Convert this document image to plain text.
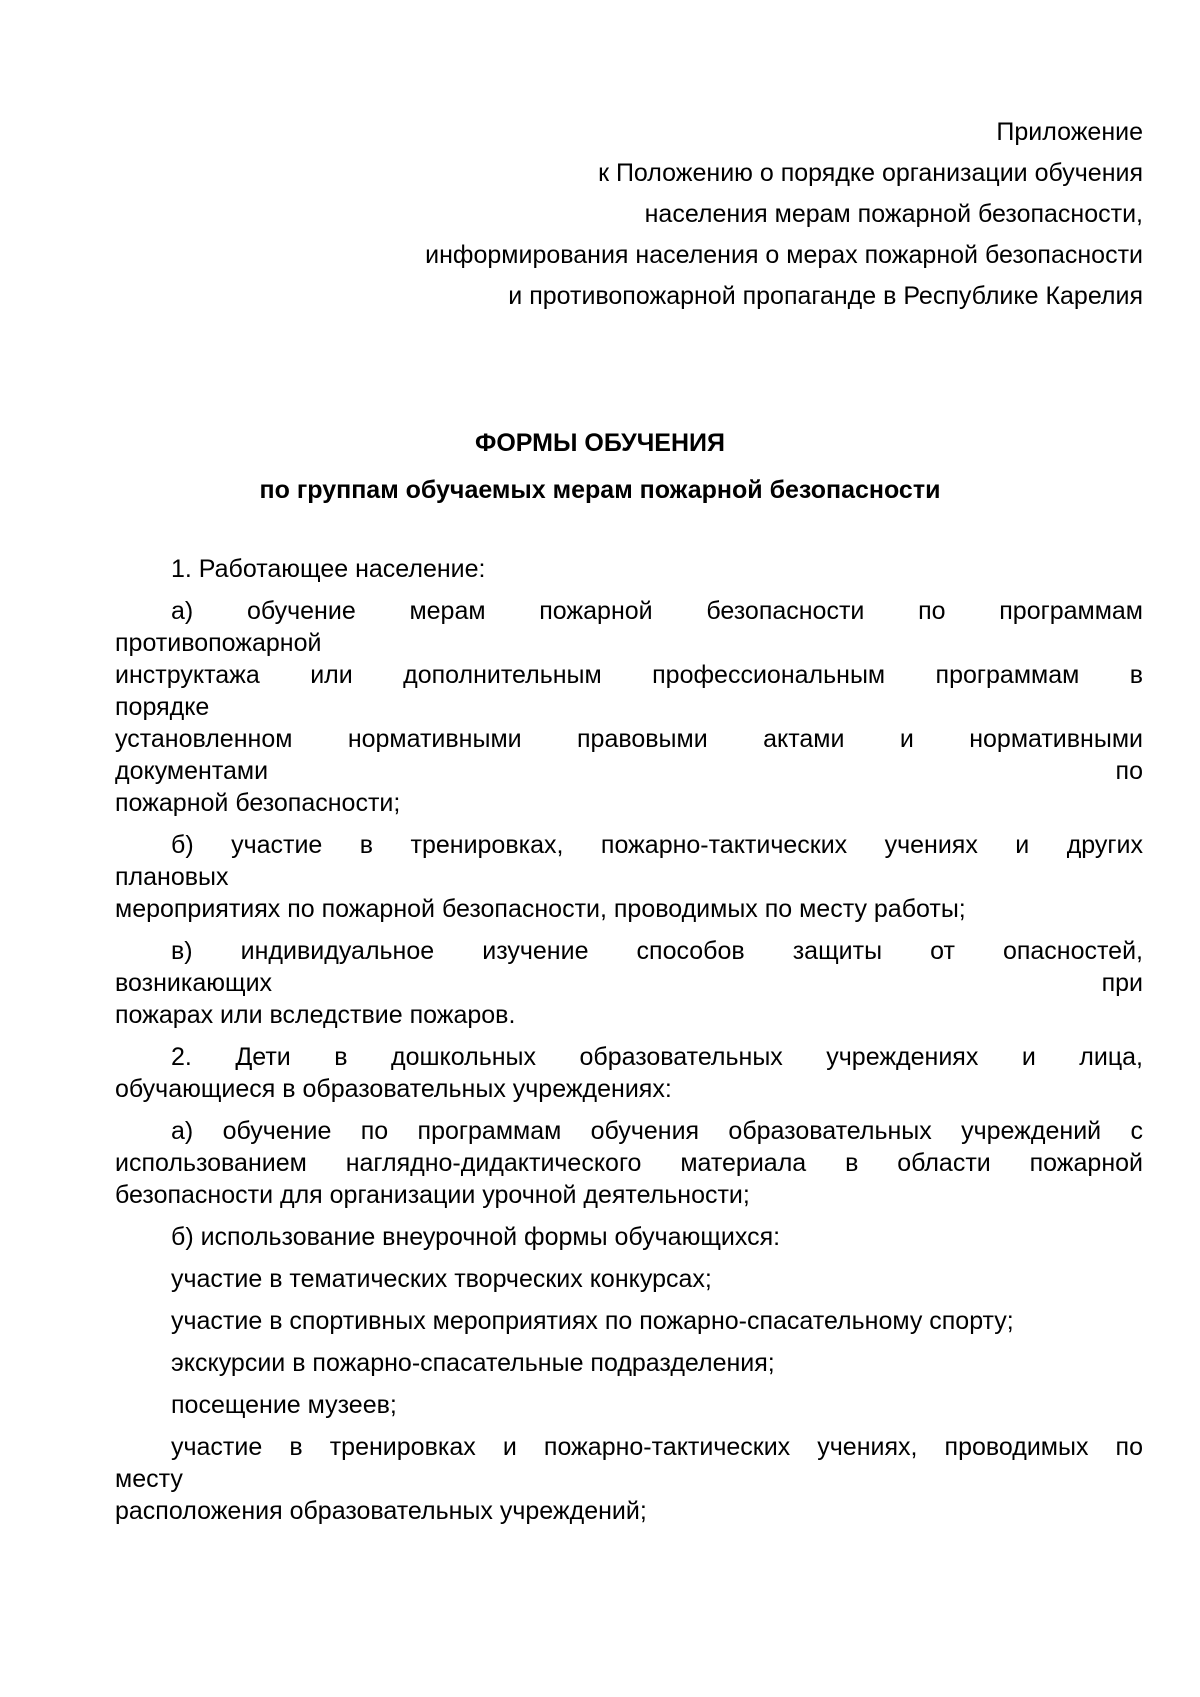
Приложение
к Положению о порядке организации обучения
населения мерам пожарной безопасности,
информирования населения о мерах пожарной безопасности
и противопожарной пропаганде в Республике Карелия
ФОРМЫ ОБУЧЕНИЯ
по группам обучаемых мерам пожарной безопасности
1. Работающее население:
а) обучение мерам пожарной безопасности по программам
противопожарной
инструктажа или дополнительным профессиональным программам в
порядке
установленном нормативными правовыми актами и нормативными
документами по
пожарной безопасности;
б) участие в тренировках, пожарно-тактических учениях и других
плановых
мероприятиях по пожарной безопасности, проводимых по месту работы;
в) индивидуальное изучение способов защиты от опасностей,
возникающих при
пожарах или вследствие пожаров.
2. Дети в дошкольных образовательных учреждениях и лица,
обучающиеся в образовательных учреждениях:
а) обучение по программам обучения образовательных учреждений с
использованием наглядно-дидактического материала в области пожарной
безопасности для организации урочной деятельности;
б) использование внеурочной формы обучающихся:
участие в тематических творческих конкурсах;
участие в спортивных мероприятиях по пожарно-спасательному спорту;
экскурсии в пожарно-спасательные подразделения;
посещение музеев;
участие в тренировках и пожарно-тактических учениях, проводимых по
месту
расположения образовательных учреждений;
